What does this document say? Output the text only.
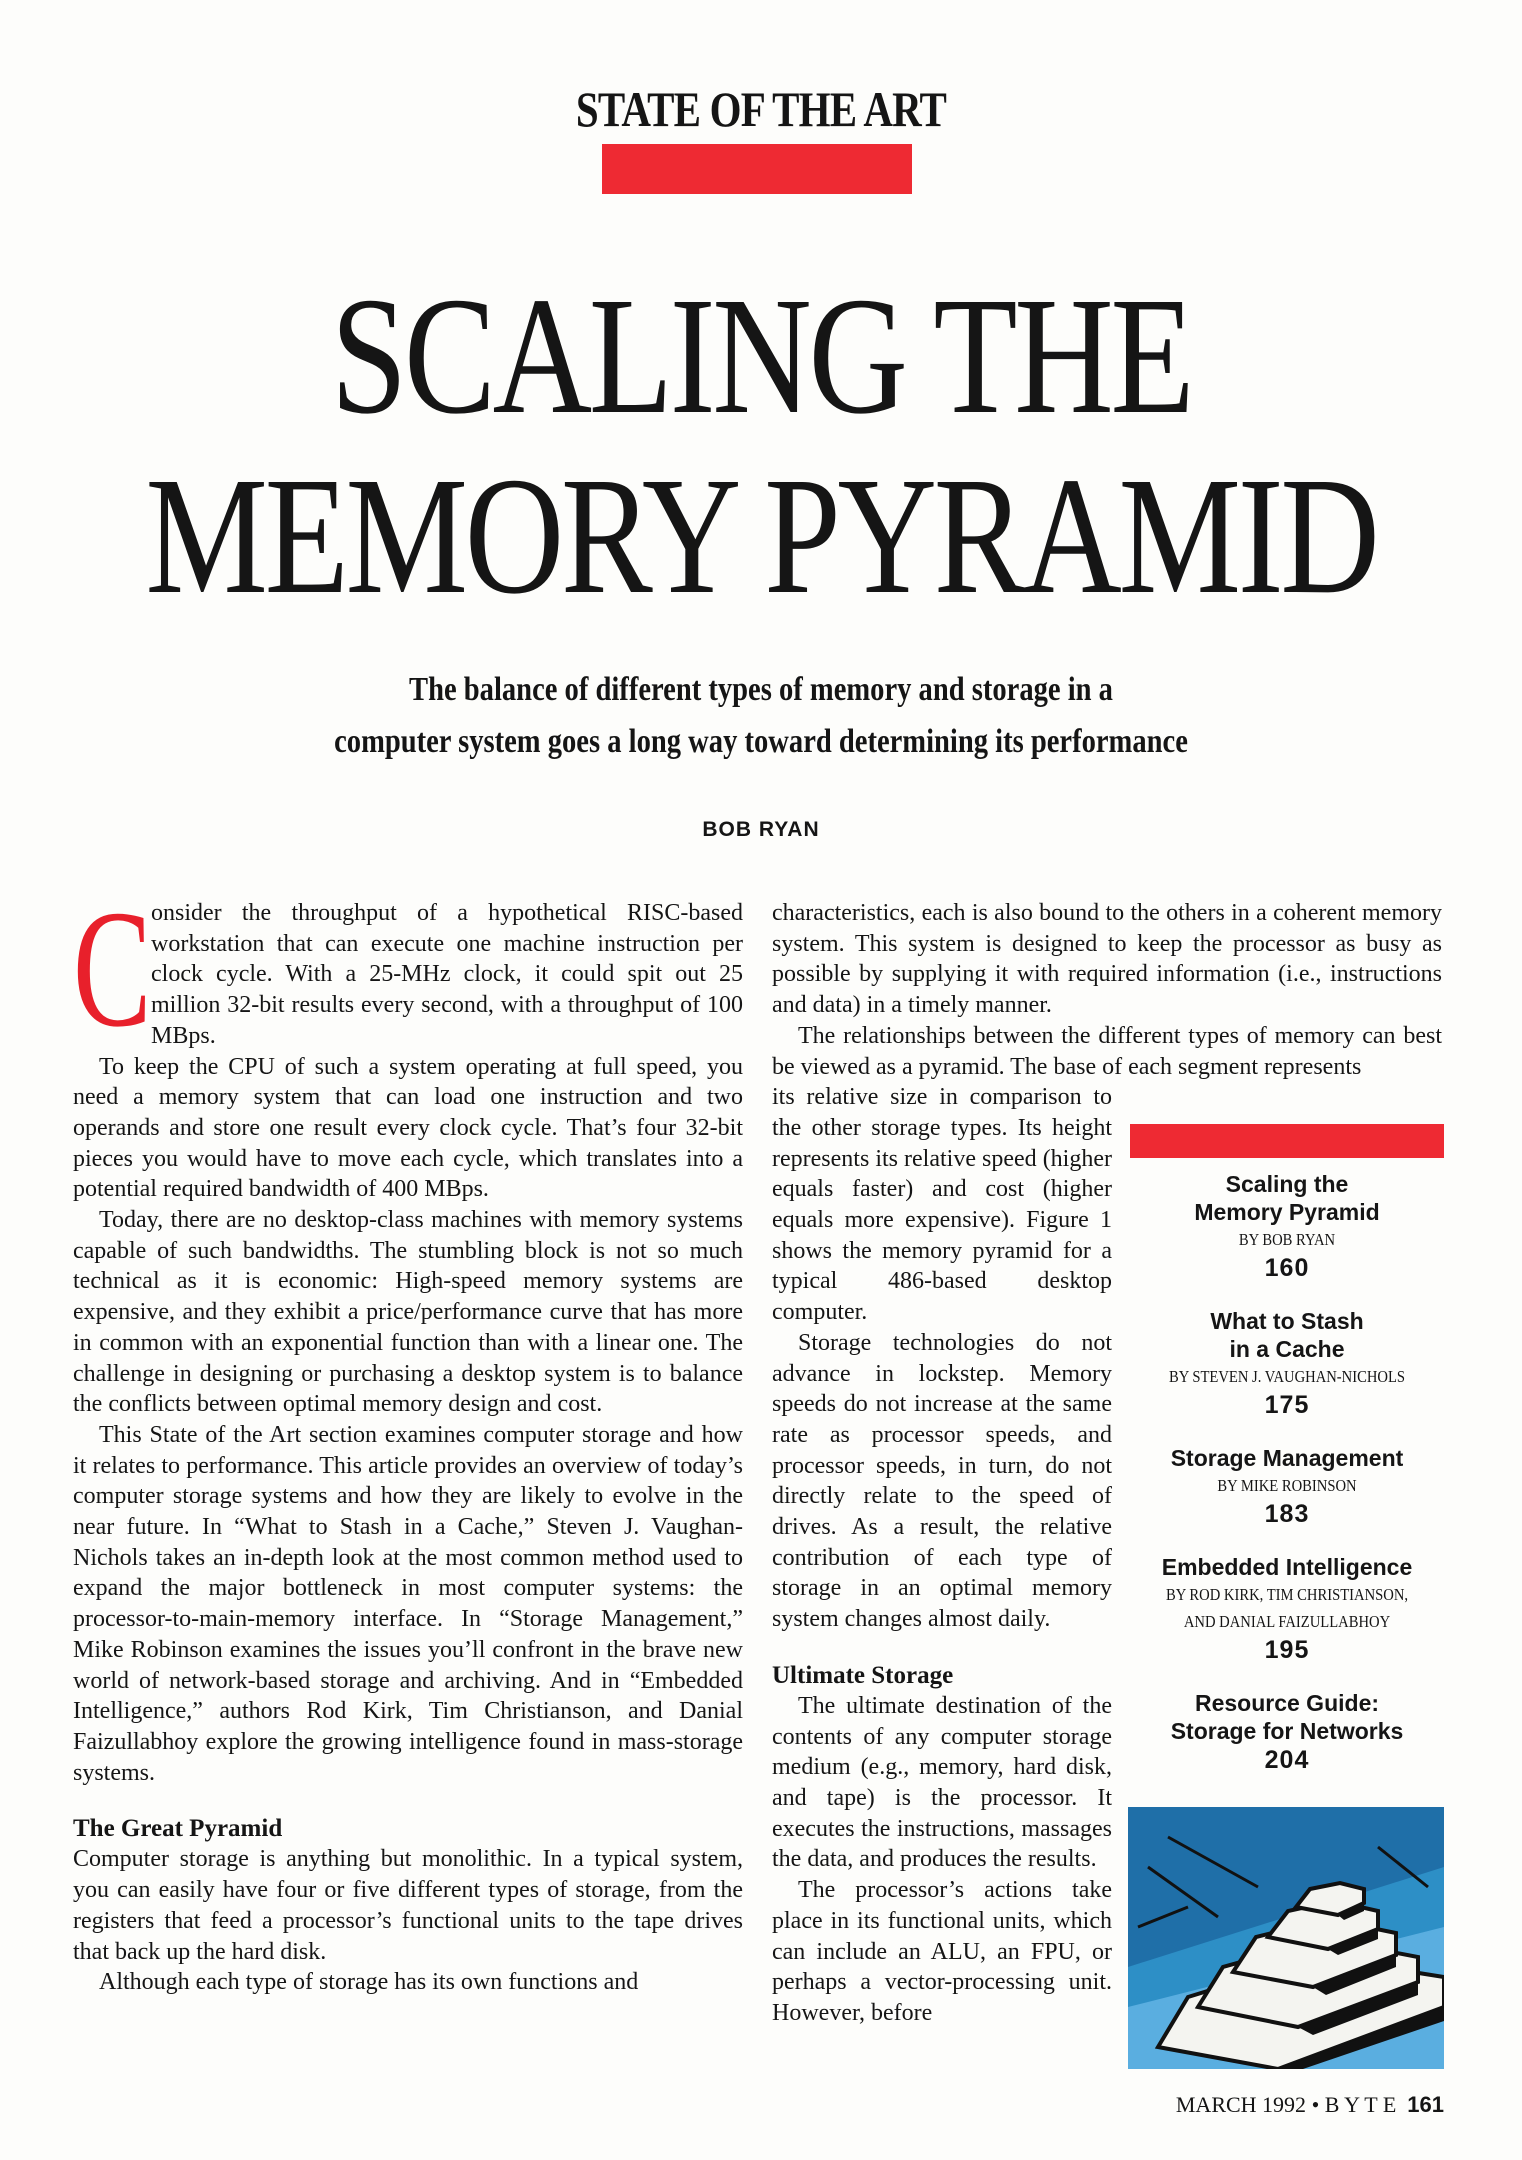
STATE OF THE ART
SCALING THE
MEMORY PYRAMID
The balance of different types of memory and storage in a
computer system goes a long way toward determining its performance
BOB RYAN
C onsider the throughput of a hypothetical RISC-based workstation that can execute one machine instruction per clock cycle. With a 25-MHz clock, it could spit out 25 million 32-bit results every second, with a throughput of 100 MBps.

To keep the CPU of such a system operating at full speed, you need a memory system that can load one instruction and two operands and store one result every clock cycle. That’s four 32-bit pieces you would have to move each cycle, which translates into a potential required bandwidth of 400 MBps.

Today, there are no desktop-class machines with memory systems capable of such bandwidths. The stumbling block is not so much technical as it is economic: High-speed memory systems are expensive, and they exhibit a price/performance curve that has more in common with an exponential function than with a linear one. The challenge in designing or purchasing a desktop system is to balance the conflicts between optimal memory design and cost.

This State of the Art section examines computer storage and how it relates to performance. This article provides an overview of today’s computer storage systems and how they are likely to evolve in the near future. In “What to Stash in a Cache,” Steven J. Vaughan-Nichols takes an in-depth look at the most common method used to expand the major bottleneck in most computer systems: the processor-to-main-memory interface. In “Storage Management,” Mike Robinson examines the issues you’ll confront in the brave new world of network-based storage and archiving. And in “Embedded Intelligence,” authors Rod Kirk, Tim Christianson, and Danial Faizullabhoy explore the growing intelligence found in mass-storage systems.

The Great Pyramid

Computer storage is anything but monolithic. In a typical system, you can easily have four or five different types of storage, from the registers that feed a processor’s functional units to the tape drives that back up the hard disk.

Although each type of storage has its own functions and

characteristics, each is also bound to the others in a coherent memory system. This system is designed to keep the processor as busy as possible by supplying it with required information (i.e., instructions and data) in a timely manner.

The relationships between the different types of memory can best be viewed as a pyramid. The base of each segment represents

its relative size in comparison to the other storage types. Its height represents its relative speed (higher equals faster) and cost (higher equals more expensive). Figure 1 shows the memory pyramid for a typical 486-based desktop computer.

Storage technologies do not advance in lockstep. Memory speeds do not increase at the same rate as processor speeds, and processor speeds, in turn, do not directly relate to the speed of drives. As a result, the relative contribution of each type of storage in an optimal memory system changes almost daily.

Ultimate Storage

The ultimate destination of the contents of any computer storage medium (e.g., memory, hard disk, and tape) is the processor. It executes the instructions, massages the data, and produces the results.

The processor’s actions take place in its functional units, which can include an ALU, an FPU, or perhaps a vector-processing unit. However, before

Scaling the
Memory Pyramid
BY BOB RYAN
160
What to Stash
in a Cache
BY STEVEN J. VAUGHAN-NICHOLS
175
Storage Management
BY MIKE ROBINSON
183
Embedded Intelligence
BY ROD KIRK, TIM CHRISTIANSON,
AND DANIAL FAIZULLABHOY
195
Resource Guide:
Storage for Networks
204
MARCH 1992 • B Y T E 161
